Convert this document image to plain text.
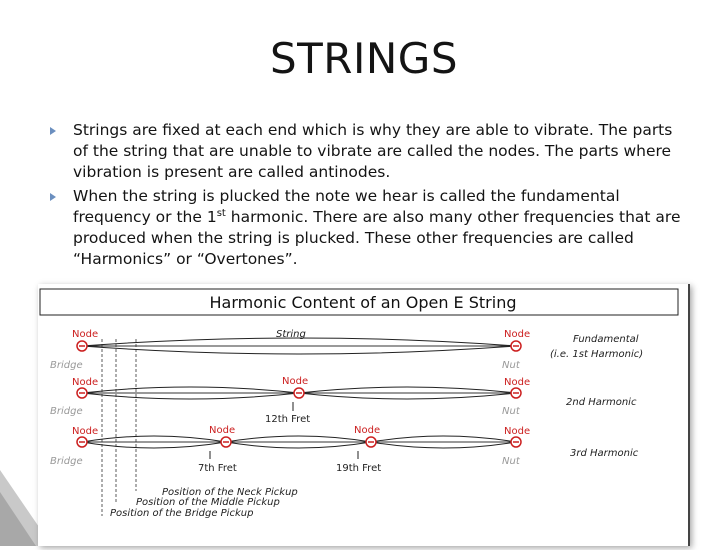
STRINGS
Strings are fixed at each end which is why they are able to vibrate. The parts of the string that are unable to vibrate are called the nodes. The parts where vibration is present are called antinodes.
When the string is plucked the note we hear is called the fundamental frequency or the 1st harmonic. There are also many other frequencies that are produced when the string is plucked. These other frequencies are called “Harmonics” or “Overtones”.
Harmonic Content of an Open E String
Node	Node
String
Bridge	Nut
Fundamental
(i.e. 1st Harmonic)
Node	Node	Node
12th Fret
Bridge	Nut
2nd Harmonic
Node	Node	Node	Node
7th Fret	19th Fret
Bridge	Nut
3rd Harmonic
Position of the Neck Pickup
Position of the Middle Pickup
Position of the Bridge Pickup
